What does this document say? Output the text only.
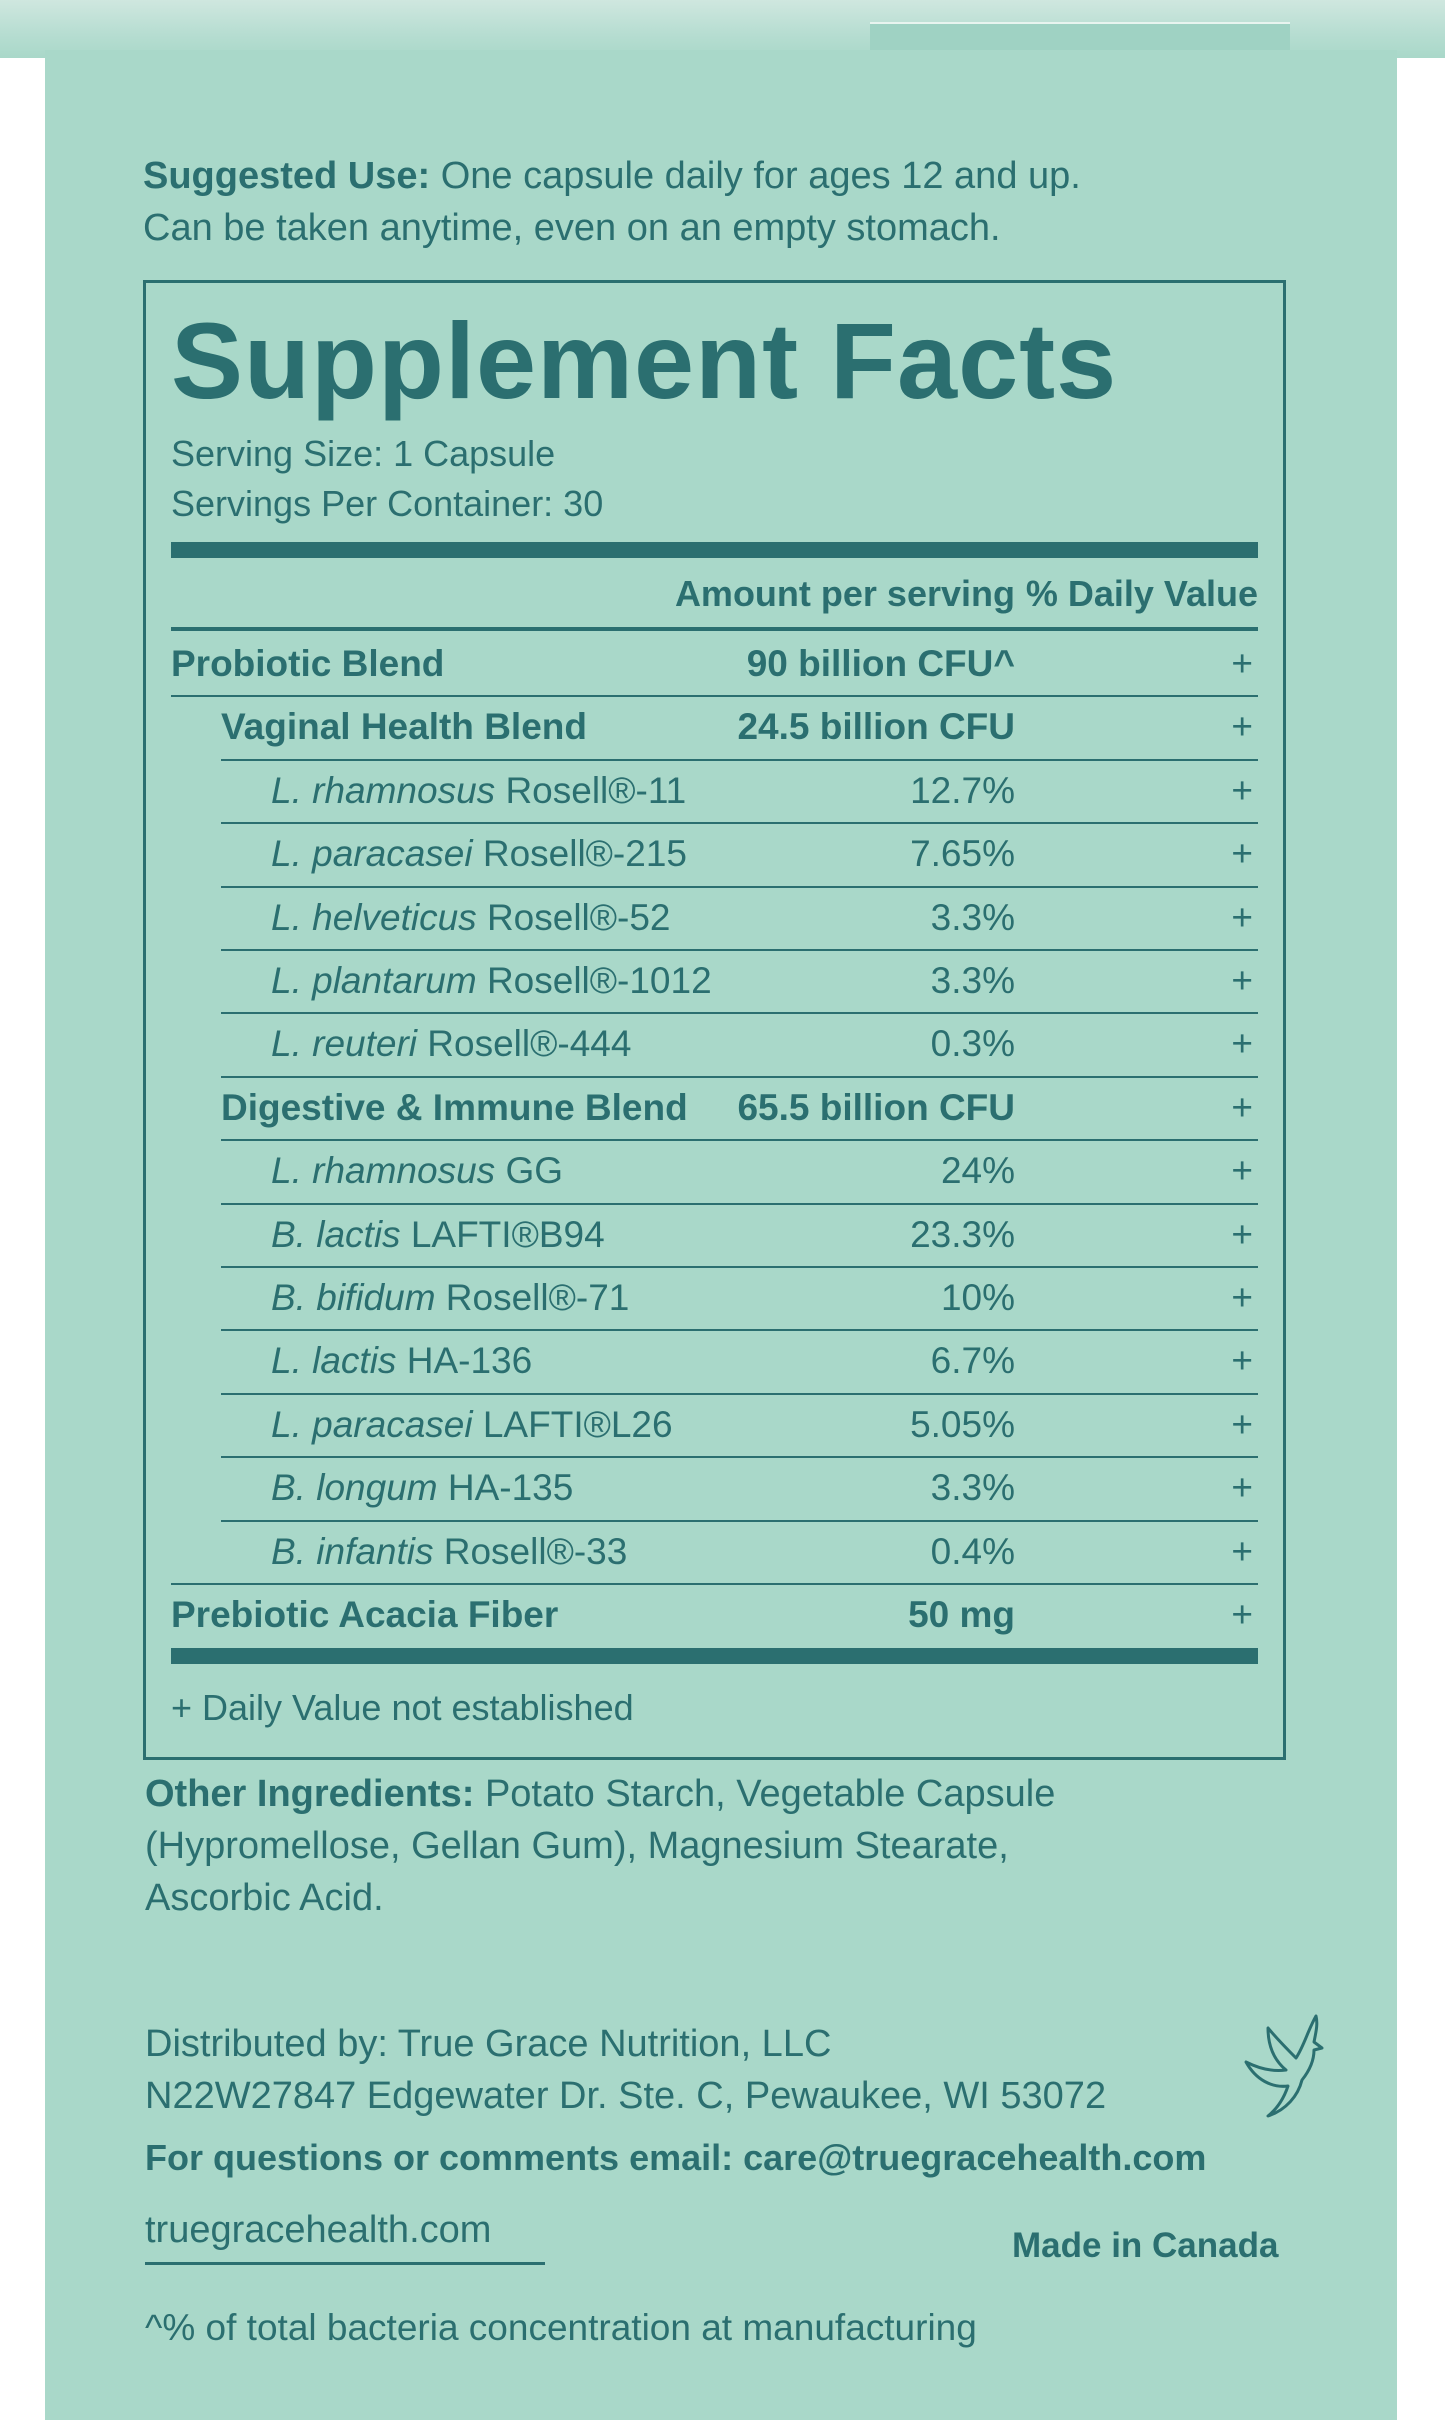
Suggested Use: One capsule daily for ages 12 and up.
Can be taken anytime, even on an empty stomach.
Supplement Facts
Serving Size: 1 Capsule
Servings Per Container: 30
Amount per serving % Daily Value
Probiotic Blend	90 billion CFU^	+
Vaginal Health Blend	24.5 billion CFU	+
L. rhamnosus Rosell®-11	12.7%	+
L. paracasei Rosell®-215	7.65%	+
L. helveticus Rosell®-52	3.3%	+
L. plantarum Rosell®-1012	3.3%	+
L. reuteri Rosell®-444	0.3%	+
Digestive & Immune Blend 65.5 billion CFU	+
L. rhamnosus GG	24%	+
B. lactis LAFTI®B94	23.3%	+
B. bifidum Rosell®-71	10%	+
L. lactis HA-136	6.7%	+
L. paracasei LAFTI®L26	5.05%	+
B. longum HA-135	3.3%	+
B. infantis Rosell®-33	0.4%	+
Prebiotic Acacia Fiber	50 mg	+
+ Daily Value not established
Other Ingredients: Potato Starch, Vegetable Capsule
(Hypromellose, Gellan Gum), Magnesium Stearate,
Ascorbic Acid.
Distributed by: True Grace Nutrition, LLC
N22W27847 Edgewater Dr. Ste. C, Pewaukee, WI 53072
For questions or comments email: care@truegracehealth.com
truegracehealth.com	Made in Canada
^% of total bacteria concentration at manufacturing
